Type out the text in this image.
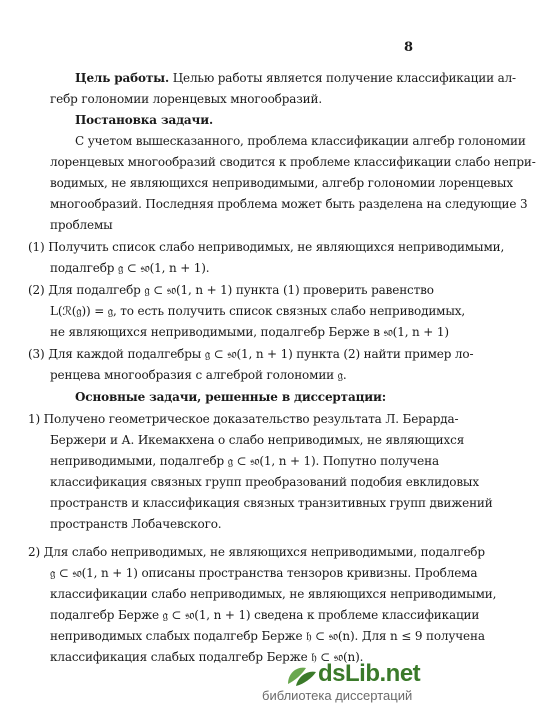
8
Цель работы. Целью работы является получение классификации ал-
гебр голономии лоренцевых многообразий.
Постановка задачи.
С учетом вышесказанного, проблема классификации алгебр голономии
лоренцевых многообразий сводится к проблеме классификации слабо непри-
водимых, не являющихся неприводимыми, алгебр голономии лоренцевых
многообразий. Последняя проблема может быть разделена на следующие 3
проблемы
(1) Получить список слабо неприводимых, не являющихся неприводимыми,
подалгебр 𝔤 ⊂ 𝔰𝔬(1, n + 1).
(2) Для подалгебр 𝔤 ⊂ 𝔰𝔬(1, n + 1) пункта (1) проверить равенство
L(ℛ(𝔤)) = 𝔤, то есть получить список связных слабо неприводимых,
не являющихся неприводимыми, подалгебр Берже в 𝔰𝔬(1, n + 1)
(3) Для каждой подалгебры 𝔤 ⊂ 𝔰𝔬(1, n + 1) пункта (2) найти пример ло-
ренцева многообразия с алгеброй голономии 𝔤.
Основные задачи, решенные в диссертации:
1) Получено геометрическое доказательство результата Л. Берарда-
Бержери и А. Икемакхена о слабо неприводимых, не являющихся
неприводимыми, подалгебр 𝔤 ⊂ 𝔰𝔬(1, n + 1). Попутно получена
классификация связных групп преобразований подобия евклидовых
пространств и классификация связных транзитивных групп движений
пространств Лобачевского.
2) Для слабо неприводимых, не являющихся неприводимыми, подалгебр
𝔤 ⊂ 𝔰𝔬(1, n + 1) описаны пространства тензоров кривизны. Проблема
классификации слабо неприводимых, не являющихся неприводимыми,
подалгебр Берже 𝔤 ⊂ 𝔰𝔬(1, n + 1) сведена к проблеме классификации
неприводимых слабых подалгебр Берже 𝔥 ⊂ 𝔰𝔬(n). Для n ≤ 9 получена
классификация слабых подалгебр Берже 𝔥 ⊂ 𝔰𝔬(n).
dsLib.net
библиотека диссертаций
